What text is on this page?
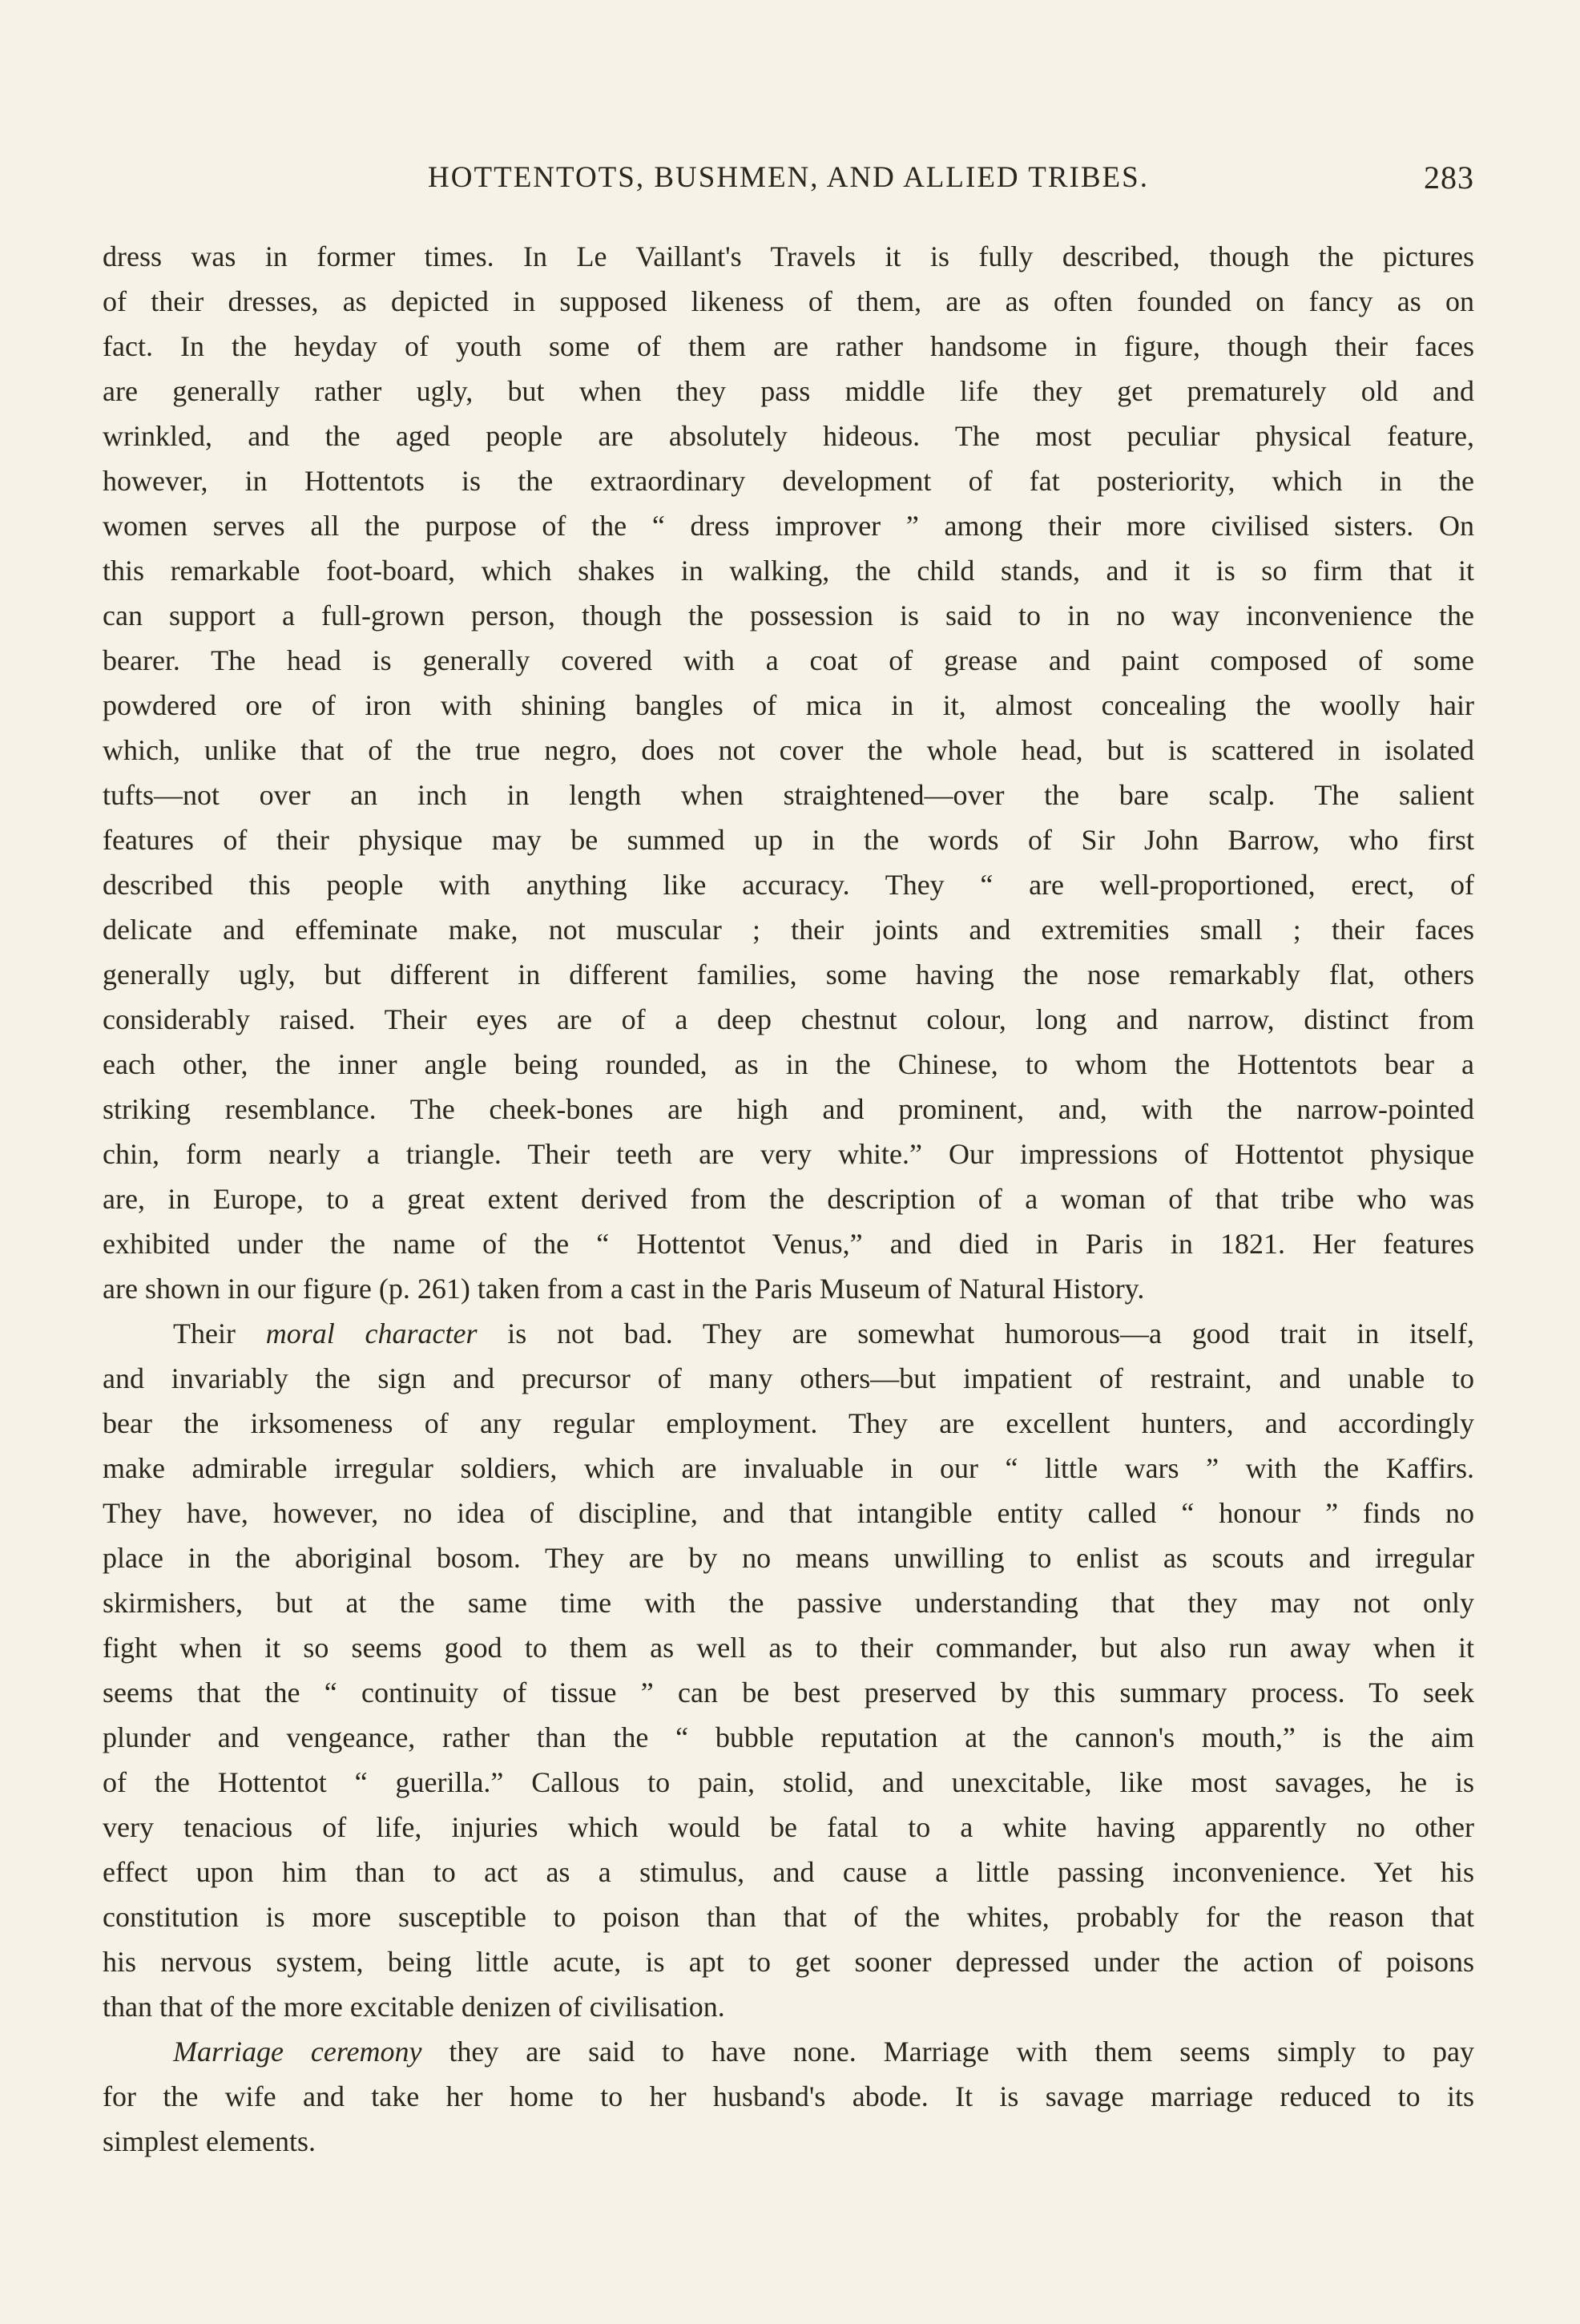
HOTTENTOTS, BUSHMEN, AND ALLIED TRIBES.	283
dress was in former times. In Le Vaillant's Travels it is fully described, though the pictures
of their dresses, as depicted in supposed likeness of them, are as often founded on fancy as on
fact. In the heyday of youth some of them are rather handsome in figure, though their faces
are generally rather ugly, but when they pass middle life they get prematurely old and
wrinkled, and the aged people are absolutely hideous. The most peculiar physical feature,
however, in Hottentots is the extraordinary development of fat posteriority, which in the
women serves all the purpose of the “ dress improver ” among their more civilised sisters. On
this remarkable foot-board, which shakes in walking, the child stands, and it is so firm that it
can support a full-grown person, though the possession is said to in no way inconvenience the
bearer. The head is generally covered with a coat of grease and paint composed of some
powdered ore of iron with shining bangles of mica in it, almost concealing the woolly hair
which, unlike that of the true negro, does not cover the whole head, but is scattered in isolated
tufts—not over an inch in length when straightened—over the bare scalp. The salient
features of their physique may be summed up in the words of Sir John Barrow, who first
described this people with anything like accuracy. They “ are well-proportioned, erect, of
delicate and effeminate make, not muscular ; their joints and extremities small ; their faces
generally ugly, but different in different families, some having the nose remarkably flat, others
considerably raised. Their eyes are of a deep chestnut colour, long and narrow, distinct from
each other, the inner angle being rounded, as in the Chinese, to whom the Hottentots bear a
striking resemblance. The cheek-bones are high and prominent, and, with the narrow-pointed
chin, form nearly a triangle. Their teeth are very white.” Our impressions of Hottentot physique
are, in Europe, to a great extent derived from the description of a woman of that tribe who was
exhibited under the name of the “ Hottentot Venus,” and died in Paris in 1821. Her features
are shown in our figure (p. 261) taken from a cast in the Paris Museum of Natural History.
Their moral character is not bad. They are somewhat humorous—a good trait in itself,
and invariably the sign and precursor of many others—but impatient of restraint, and unable to
bear the irksomeness of any regular employment. They are excellent hunters, and accordingly
make admirable irregular soldiers, which are invaluable in our “ little wars ” with the Kaffirs.
They have, however, no idea of discipline, and that intangible entity called “ honour ” finds no
place in the aboriginal bosom. They are by no means unwilling to enlist as scouts and irregular
skirmishers, but at the same time with the passive understanding that they may not only
fight when it so seems good to them as well as to their commander, but also run away when it
seems that the “ continuity of tissue ” can be best preserved by this summary process. To seek
plunder and vengeance, rather than the “ bubble reputation at the cannon's mouth,” is the aim
of the Hottentot “ guerilla.” Callous to pain, stolid, and unexcitable, like most savages, he is
very tenacious of life, injuries which would be fatal to a white having apparently no other
effect upon him than to act as a stimulus, and cause a little passing inconvenience. Yet his
constitution is more susceptible to poison than that of the whites, probably for the reason that
his nervous system, being little acute, is apt to get sooner depressed under the action of poisons
than that of the more excitable denizen of civilisation.
Marriage ceremony they are said to have none. Marriage with them seems simply to pay
for the wife and take her home to her husband's abode. It is savage marriage reduced to its
simplest elements.
